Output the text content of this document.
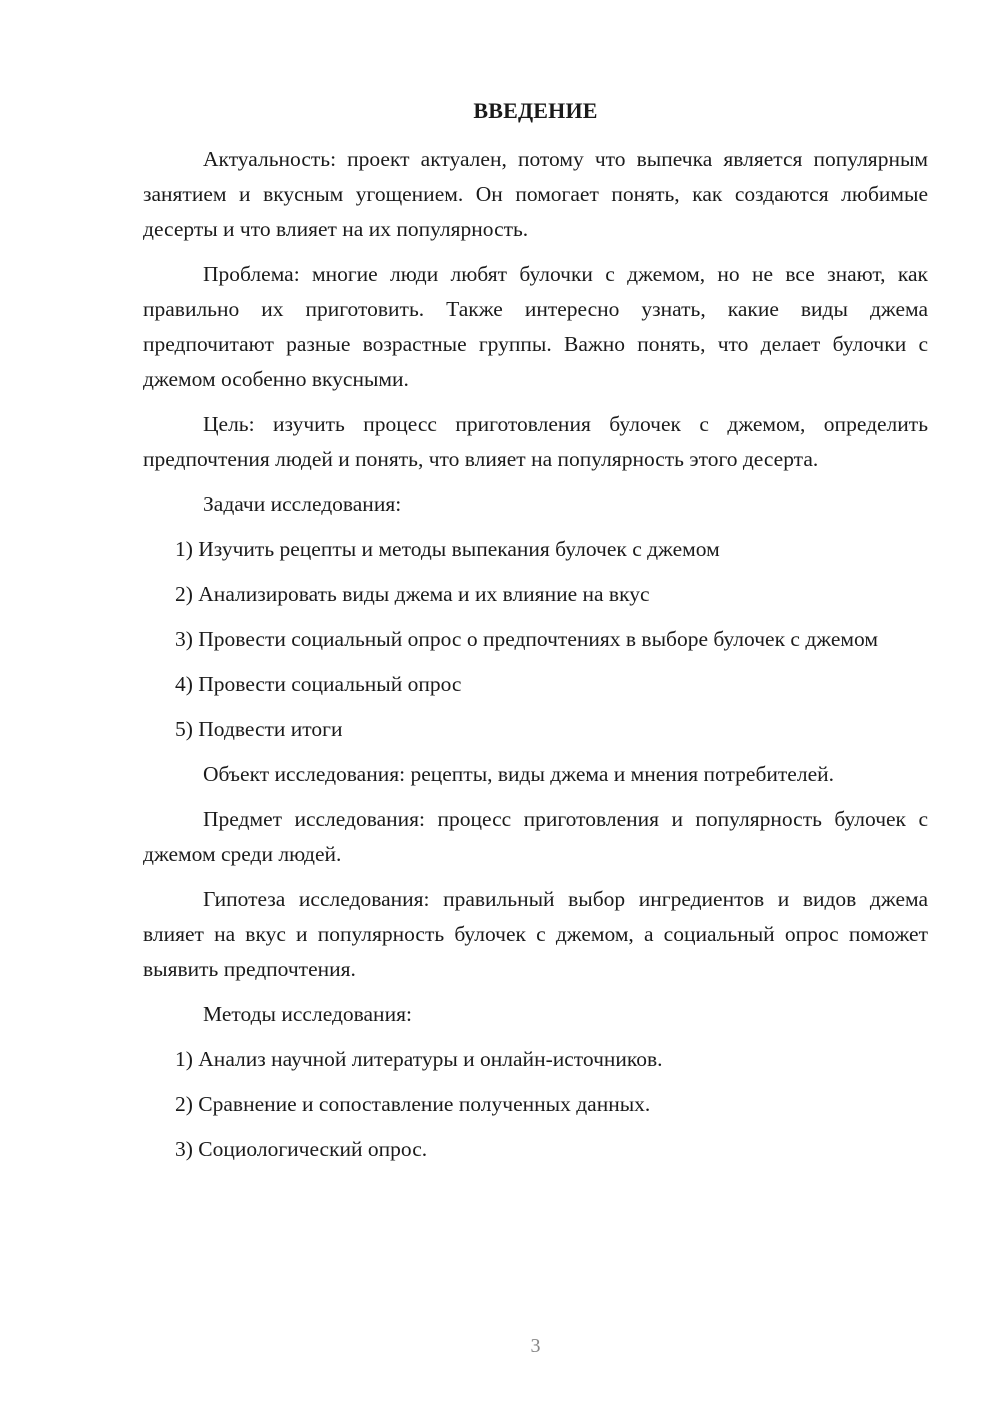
ВВЕДЕНИЕ

Актуальность: проект актуален, потому что выпечка является популярным занятием и вкусным угощением. Он помогает понять, как создаются любимые десерты и что влияет на их популярность.

Проблема: многие люди любят булочки с джемом, но не все знают, как правильно их приготовить. Также интересно узнать, какие виды джема предпочитают разные возрастные группы. Важно понять, что делает булочки с джемом особенно вкусными.

Цель: изучить процесс приготовления булочек с джемом, определить предпочтения людей и понять, что влияет на популярность этого десерта.

Задачи исследования:

1) Изучить рецепты и методы выпекания булочек с джемом

2) Анализировать виды джема и их влияние на вкус

3) Провести социальный опрос о предпочтениях в выборе булочек с джемом

4) Провести социальный опрос

5) Подвести итоги

Объект исследования: рецепты, виды джема и мнения потребителей.

Предмет исследования: процесс приготовления и популярность булочек с джемом среди людей.

Гипотеза исследования: правильный выбор ингредиентов и видов джема влияет на вкус и популярность булочек с джемом, а социальный опрос поможет выявить предпочтения.

Методы исследования:

1) Анализ научной литературы и онлайн-источников.

2) Сравнение и сопоставление полученных данных.

3) Социологический опрос.

3
